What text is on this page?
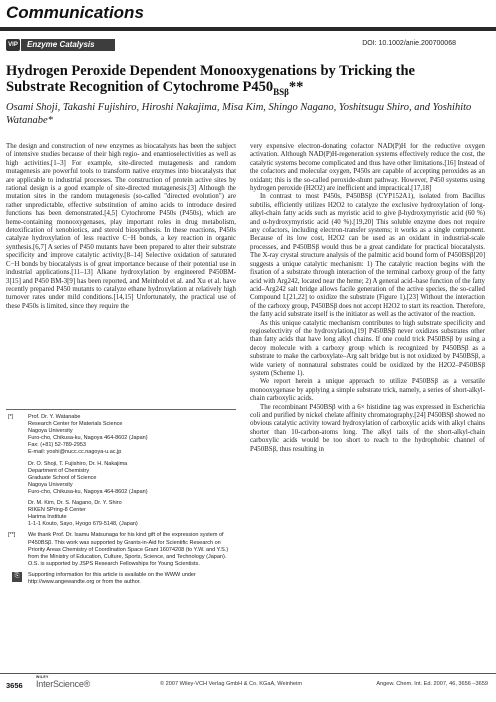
Communications
VIP	Enzyme Catalysis	DOI: 10.1002/anie.200700068
Hydrogen Peroxide Dependent Monooxygenations by Tricking the
Substrate Recognition of Cytochrome $P450_{BS\beta}**$
Osami Shoji, Takashi Fujishiro, Hiroshi Nakajima, Misa Kim, Shingo Nagano, Yoshitsugu Shiro, and Yoshihito Watanabe*

The design and construction of new enzymes as biocatalysts has been the subject of intensive studies because of their high regio- and enantioselectivities as well as high activities.[1–3] For example, site-directed mutagenesis and random mutagenesis are powerful tools to transform native enzymes into biocatalysts that are applicable to industrial processes. The construction of protein active sites by rational design is a good example of site-directed mutagenesis.[3] Although the mutation sites in the random mutagenesis (so-called "directed evolution") are rather unpredictable, effective substitution of amino acids to introduce desired functions has been demonstrated.[4,5] Cytochrome P450s (P450s), which are heme-containing monooxygenases, play important roles in drug metabolism, detoxification of xenobiotics, and steroid biosynthesis. In these reactions, P450s catalyze hydroxylation of less reactive C−H bonds, a key reaction in organic synthesis.[6,7] A series of P450 mutants have been prepared to alter their substrate specificity and improve catalytic activity.[8–14] Selective oxidation of saturated C−H bonds by biocatalysts is of great importance because of their potential use in industrial applications.[11–13] Alkane hydroxylation by engineered P450BM-3[15] and P450 BM-3[9] has been reported, and Meinhold et al. and Xu et al. have recently prepared P450 mutants to catalyze ethane hydroxylation at relatively high turnover rates under mild conditions.[14,15] Unfortunately, the practical use of these P450s is limited, since they require the

very expensive electron-donating cofactor NAD(P)H for the reductive oxygen activation. Although NAD(P)H-regeneration systems effectively reduce the cost, the catalytic systems become complicated and thus have other limitations.[16] Instead of the cofactors and molecular oxygen, P450s are capable of accepting peroxides as an oxidant; this is the so-called peroxide-shunt pathway. However, P450 systems using hydrogen peroxide (H2O2) are inefficient and impractical.[17,18]

In contrast to most P450s, P450BSβ (CYP152A1), isolated from Bacillus subtilis, efficiently utilizes H2O2 to catalyze the exclusive hydroxylation of long-alkyl-chain fatty acids such as myristic acid to give β-hydroxymyristic acid (60 %) and α-hydroxymyristic acid (40 %).[19,20] This soluble enzyme does not require any cofactors, including electron-transfer systems; it works as a single component. Because of its low cost, H2O2 can be used as an oxidant in industrial-scale processes, and P450BSβ would thus be a great candidate for practical biocatalysts. The X-ray crystal structure analysis of the palmitic acid bound form of P450BSβ[20] suggests a unique catalytic mechanism: 1) The catalytic reaction begins with the fixation of a substrate through interaction of the terminal carboxy group of the fatty acid with Arg242, located near the heme; 2) A general acid–base function of the fatty acid–Arg242 salt bridge allows facile generation of the active species, the so-called Compound I.[21,22] to oxidize the substrate (Figure 1).[23] Without the interaction of the carboxy group, P450BSβ does not accept H2O2 to start its reaction. Therefore, the fatty acid substrate itself is the initiator as well as the activator of the reaction.

As this unique catalytic mechanism contributes to high substrate specificity and regioselectivity of the hydroxylation,[19] P450BSβ never oxidizes substrates other than fatty acids that have long alkyl chains. If one could trick P450BSβ by using a decoy molecule with a carboxy group which is recognized by P450BSβ as a substrate to make the carboxylate–Arg salt bridge but is not oxidized by P450BSβ, a wide variety of nonnatural substrates could be oxidized by the H2O2–P450BSβ system (Scheme 1).

We report herein a unique approach to utilize P450BSβ as a versatile monooxygenase by applying a simple substrate trick, namely, a series of short-alkyl-chain carboxylic acids.

The recombinant P450BSβ with a 6× histidine tag was expressed in Escherichia coli and purified by nickel chelate affinity chromatography.[24] P450BSβ showed no obvious catalytic activity toward hydroxylation of carboxylic acids with alkyl chains shorter than 10-carbon-atoms long. The alkyl tails of the short-alkyl-chain carboxylic acids would be too short to reach to the hydrophobic channel of P450BSβ, thus resulting in

[*]	Prof. Dr. Y. Watanabe
Research Center for Materials Science
Nagoya University
Furo-cho, Chikusa-ku, Nagoya 464-8602 (Japan)
Fax: (+81) 52-789-2953
E-mail: yoshi@nucc.cc.nagoya-u.ac.jp
Dr. O. Shoji, T. Fujishiro, Dr. H. Nakajima
Department of Chemistry
Graduate School of Science
Nagoya University
Furo-cho, Chikusa-ku, Nagoya 464-8602 (Japan)
Dr. M. Kim, Dr. S. Nagano, Dr. Y. Shiro
RIKEN SPring-8 Center
Harima Institute
1-1-1 Kouto, Sayo, Hyogo 679-5148, (Japan)
[**]	We thank Prof. Dr. Isamu Matsunaga for his kind gift of the expression system of P450BSβ. This work was supported by Grants-in-Aid for Scientific Research on Priority Areas Chemistry of Coordination Space Grant 16074208 (to Y.W. and Y.S.) from the Ministry of Education, Culture, Sports, Science, and Technology (Japan). O.S. is supported by JSPS Research Fellowships for Young Scientists.
⎘	Supporting information for this article is available on the WWW under http://www.angewandte.org or from the author.
3656
WILEY
InterScience®	© 2007 Wiley-VCH Verlag GmbH & Co. KGaA, Weinheim	Angew. Chem. Int. Ed. 2007, 46, 3656 –3659
